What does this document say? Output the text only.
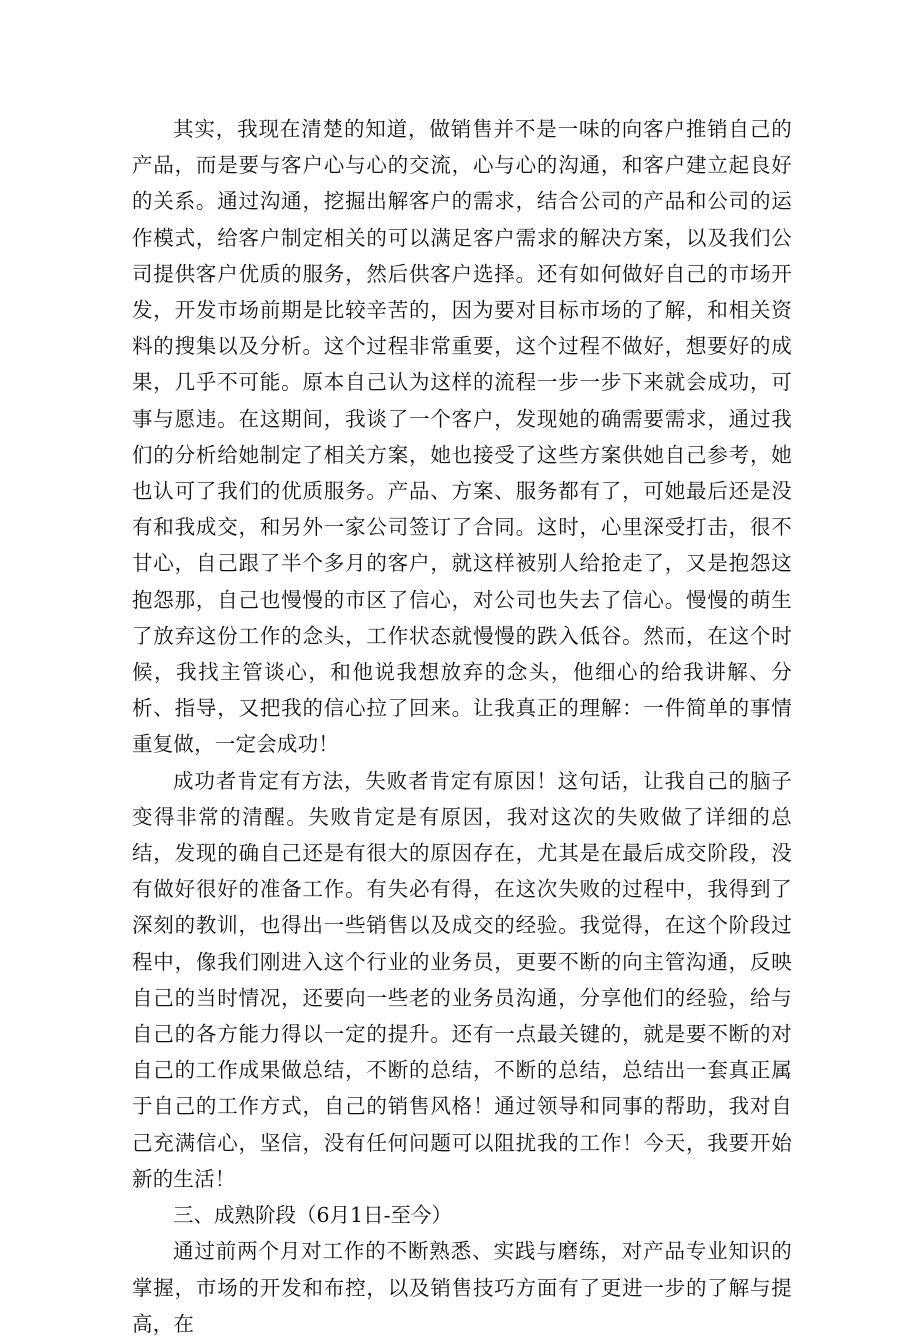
其实，我现在清楚的知道，做销售并不是一味的向客户推销自己的产品，而是要与客户心与心的交流，心与心的沟通，和客户建立起良好的关系。通过沟通，挖掘出解客户的需求，结合公司的产品和公司的运作模式，给客户制定相关的可以满足客户需求的解决方案，以及我们公司提供客户优质的服务，然后供客户选择。还有如何做好自己的市场开发，开发市场前期是比较辛苦的，因为要对目标市场的了解，和相关资料的搜集以及分析。这个过程非常重要，这个过程不做好，想要好的成果，几乎不可能。原本自己认为这样的流程一步一步下来就会成功，可事与愿违。在这期间，我谈了一个客户，发现她的确需要需求，通过我们的分析给她制定了相关方案，她也接受了这些方案供她自己参考，她也认可了我们的优质服务。产品、方案、服务都有了，可她最后还是没有和我成交，和另外一家公司签订了合同。这时，心里深受打击，很不甘心，自己跟了半个多月的客户，就这样被别人给抢走了，又是抱怨这抱怨那，自己也慢慢的市区了信心，对公司也失去了信心。慢慢的萌生了放弃这份工作的念头，工作状态就慢慢的跌入低谷。然而，在这个时候，我找主管谈心，和他说我想放弃的念头，他细心的给我讲解、分析、指导，又把我的信心拉了回来。让我真正的理解：一件简单的事情重复做，一定会成功！

成功者肯定有方法，失败者肯定有原因！这句话，让我自己的脑子变得非常的清醒。失败肯定是有原因，我对这次的失败做了详细的总结，发现的确自己还是有很大的原因存在，尤其是在最后成交阶段，没有做好很好的准备工作。有失必有得，在这次失败的过程中，我得到了深刻的教训，也得出一些销售以及成交的经验。我觉得，在这个阶段过程中，像我们刚进入这个行业的业务员，更要不断的向主管沟通，反映自己的当时情况，还要向一些老的业务员沟通，分享他们的经验，给与自己的各方能力得以一定的提升。还有一点最关键的，就是要不断的对自己的工作成果做总结，不断的总结，不断的总结，总结出一套真正属于自己的工作方式，自己的销售风格！通过领导和同事的帮助，我对自己充满信心，坚信，没有任何问题可以阻扰我的工作！今天，我要开始新的生活！

三、成熟阶段（6月1日-至今）

通过前两个月对工作的不断熟悉、实践与磨练，对产品专业知识的掌握，市场的开发和布控，以及销售技巧方面有了更进一步的了解与提高，在
